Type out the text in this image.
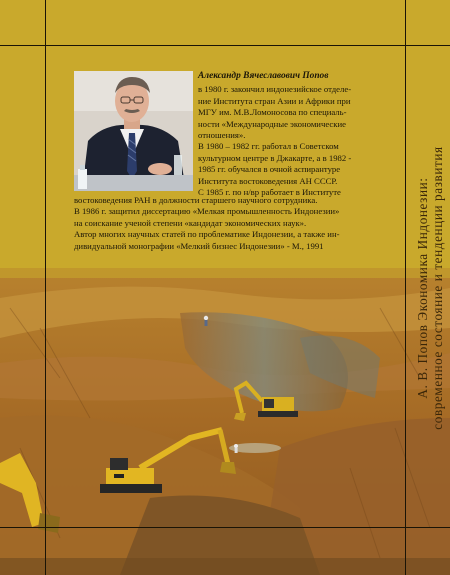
Александр Вячеславович Попов
в 1980 г. закончил индонезийское отделе-
ние Института стран Азии и Африки при
МГУ им. М.В.Ломоносова по специаль-
ности «Международные экономические
отношения».
В 1980 – 1982 гг. работал в Советском
культурном центре в Джакарте, а в 1982 -
1985 гг. обучался в очной аспирантуре
Института востоковедения АН СССР.
С 1985 г. по н/вр работает в Институте
востоковедения РАН в должности старшего научного сотрудника.
В 1986 г. защитил диссертацию «Мелкая промышленность Индонезии»
на соискание ученой степени «кандидат экономических наук».
Автор многих научных статей по проблематике Индонезии, а также ин-
дивидуальной монографии «Мелкий бизнес Индонезии» - М., 1991	А. В. Попов Экономика Индонезии: современное состояние и тенденции развития
